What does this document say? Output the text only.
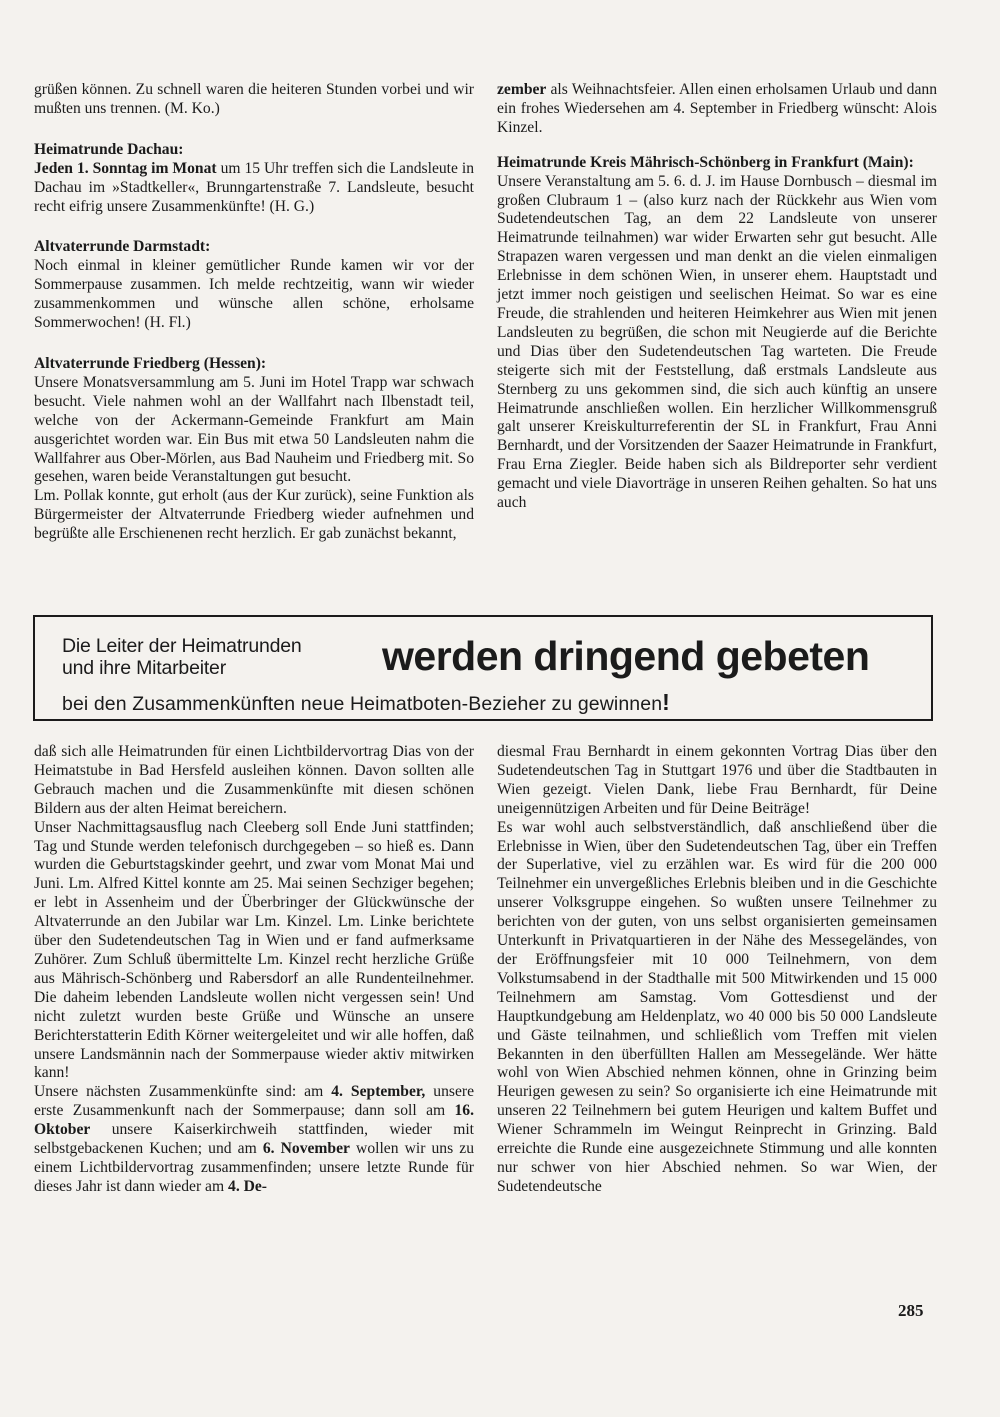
grüßen können. Zu schnell waren die heiteren Stunden vorbei und wir mußten uns trennen. (M. Ko.)

Heimatrunde Dachau:

Jeden 1. Sonntag im Monat um 15 Uhr treffen sich die Landsleute in Dachau im »Stadtkeller«, Brunngartenstraße 7. Landsleute, besucht recht eifrig unsere Zusammenkünfte! (H. G.)

Altvaterrunde Darmstadt:

Noch einmal in kleiner gemütlicher Runde kamen wir vor der Sommerpause zusammen. Ich melde rechtzeitig, wann wir wieder zusammenkommen und wünsche allen schöne, erholsame Sommerwochen! (H. Fl.)

Altvaterrunde Friedberg (Hessen):

Unsere Monatsversammlung am 5. Juni im Hotel Trapp war schwach besucht. Viele nahmen wohl an der Wallfahrt nach Ilbenstadt teil, welche von der Ackermann-Gemeinde Frankfurt am Main ausgerichtet worden war. Ein Bus mit etwa 50 Landsleuten nahm die Wallfahrer aus Ober-Mörlen, aus Bad Nauheim und Friedberg mit. So gesehen, waren beide Veranstaltungen gut besucht.

Lm. Pollak konnte, gut erholt (aus der Kur zurück), seine Funktion als Bürgermeister der Altvaterrunde Friedberg wieder aufnehmen und begrüßte alle Erschienenen recht herzlich. Er gab zunächst bekannt,

zember als Weihnachtsfeier. Allen einen erholsamen Urlaub und dann ein frohes Wiedersehen am 4. September in Friedberg wünscht: Alois Kinzel.

Heimatrunde Kreis Mährisch-Schönberg in Frankfurt (Main):

Unsere Veranstaltung am 5. 6. d. J. im Hause Dornbusch – diesmal im großen Clubraum 1 – (also kurz nach der Rückkehr aus Wien vom Sudetendeutschen Tag, an dem 22 Landsleute von unserer Heimatrunde teilnahmen) war wider Erwarten sehr gut besucht. Alle Strapazen waren vergessen und man denkt an die vielen einmaligen Erlebnisse in dem schönen Wien, in unserer ehem. Hauptstadt und jetzt immer noch geistigen und seelischen Heimat. So war es eine Freude, die strahlenden und heiteren Heimkehrer aus Wien mit jenen Landsleuten zu begrüßen, die schon mit Neugierde auf die Berichte und Dias über den Sudetendeutschen Tag warteten. Die Freude steigerte sich mit der Feststellung, daß erstmals Landsleute aus Sternberg zu uns gekommen sind, die sich auch künftig an unsere Heimatrunde anschließen wollen. Ein herzlicher Willkommensgruß galt unserer Kreiskulturreferentin der SL in Frankfurt, Frau Anni Bernhardt, und der Vorsitzenden der Saazer Heimatrunde in Frankfurt, Frau Erna Ziegler. Beide haben sich als Bildreporter sehr verdient gemacht und viele Diavorträge in unseren Reihen gehalten. So hat uns auch

Die Leiter der Heimatrunden
und ihre Mitarbeiter	werden dringend gebeten
bei den Zusammenkünften neue Heimatboten-Bezieher zu gewinnen!

daß sich alle Heimatrunden für einen Lichtbildervortrag Dias von der Heimatstube in Bad Hersfeld ausleihen können. Davon sollten alle Gebrauch machen und die Zusammenkünfte mit diesen schönen Bildern aus der alten Heimat bereichern.

Unser Nachmittagsausflug nach Cleeberg soll Ende Juni stattfinden; Tag und Stunde werden telefonisch durchgegeben – so hieß es. Dann wurden die Geburtstagskinder geehrt, und zwar vom Monat Mai und Juni. Lm. Alfred Kittel konnte am 25. Mai seinen Sechziger begehen; er lebt in Assenheim und der Überbringer der Glückwünsche der Altvaterrunde an den Jubilar war Lm. Kinzel. Lm. Linke berichtete über den Sudetendeutschen Tag in Wien und er fand aufmerksame Zuhörer. Zum Schluß übermittelte Lm. Kinzel recht herzliche Grüße aus Mährisch-Schönberg und Rabersdorf an alle Rundenteilnehmer. Die daheim lebenden Landsleute wollen nicht vergessen sein! Und nicht zuletzt wurden beste Grüße und Wünsche an unsere Berichterstatterin Edith Körner weitergeleitet und wir alle hoffen, daß unsere Landsmännin nach der Sommerpause wieder aktiv mitwirken kann!

Unsere nächsten Zusammenkünfte sind: am 4. September, unsere erste Zusammenkunft nach der Sommerpause; dann soll am 16. Oktober unsere Kaiserkirchweih stattfinden, wieder mit selbstgebackenen Kuchen; und am 6. November wollen wir uns zu einem Lichtbildervortrag zusammenfinden; unsere letzte Runde für dieses Jahr ist dann wieder am 4. De-

diesmal Frau Bernhardt in einem gekonnten Vortrag Dias über den Sudetendeutschen Tag in Stuttgart 1976 und über die Stadtbauten in Wien gezeigt. Vielen Dank, liebe Frau Bernhardt, für Deine uneigennützigen Arbeiten und für Deine Beiträge!

Es war wohl auch selbstverständlich, daß anschließend über die Erlebnisse in Wien, über den Sudetendeutschen Tag, über ein Treffen der Superlative, viel zu erzählen war. Es wird für die 200 000 Teilnehmer ein unvergeßliches Erlebnis bleiben und in die Geschichte unserer Volksgruppe eingehen. So wußten unsere Teilnehmer zu berichten von der guten, von uns selbst organisierten gemeinsamen Unterkunft in Privatquartieren in der Nähe des Messegeländes, von der Eröffnungsfeier mit 10 000 Teilnehmern, von dem Volkstumsabend in der Stadthalle mit 500 Mitwirkenden und 15 000 Teilnehmern am Samstag. Vom Gottesdienst und der Hauptkundgebung am Heldenplatz, wo 40 000 bis 50 000 Landsleute und Gäste teilnahmen, und schließlich vom Treffen mit vielen Bekannten in den überfüllten Hallen am Messegelände. Wer hätte wohl von Wien Abschied nehmen können, ohne in Grinzing beim Heurigen gewesen zu sein? So organisierte ich eine Heimatrunde mit unseren 22 Teilnehmern bei gutem Heurigen und kaltem Buffet und Wiener Schrammeln im Weingut Reinprecht in Grinzing. Bald erreichte die Runde eine ausgezeichnete Stimmung und alle konnten nur schwer von hier Abschied nehmen. So war Wien, der Sudetendeutsche

285
